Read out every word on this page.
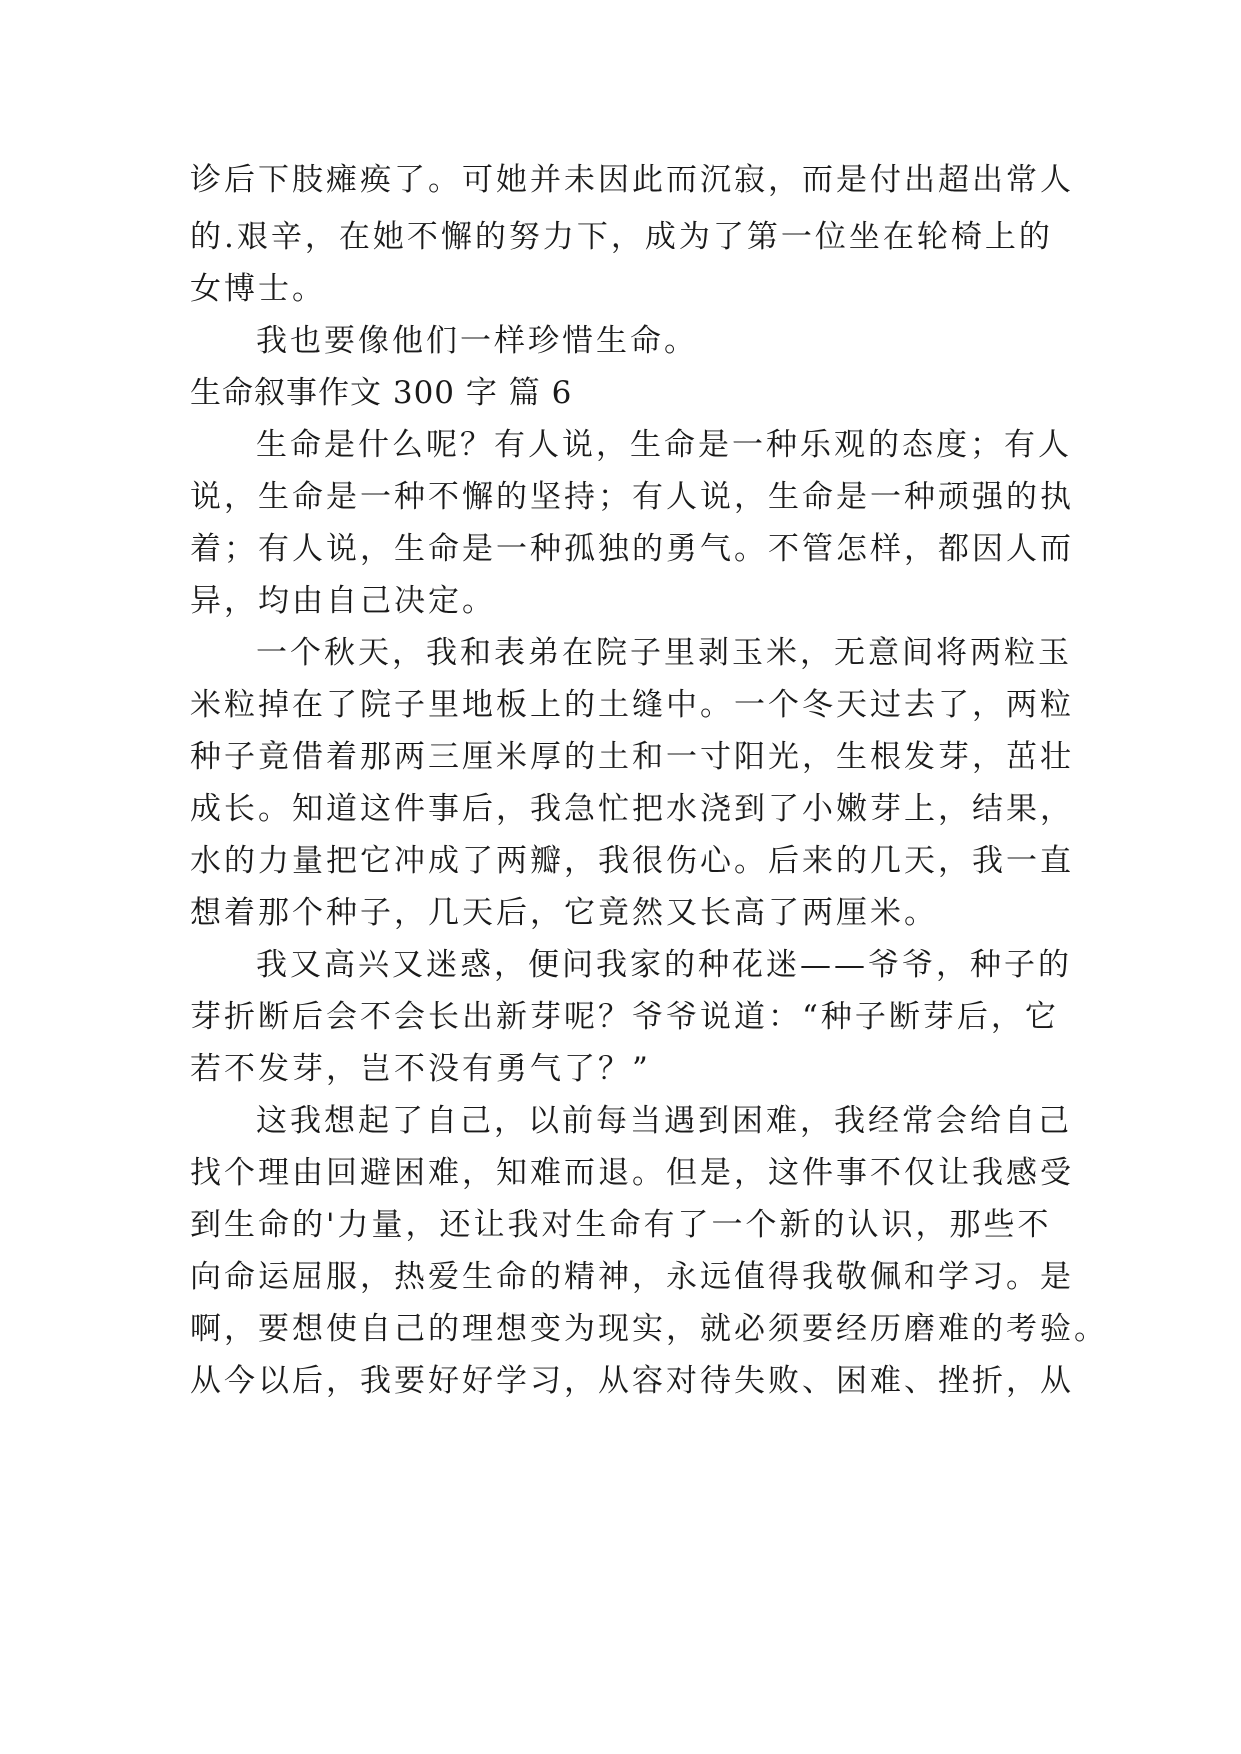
诊后下肢瘫痪了。可她并未因此而沉寂，而是付出超出常人
的.艰辛，在她不懈的努力下，成为了第一位坐在轮椅上的
女博士。
我也要像他们一样珍惜生命。
生命叙事作文 300 字 篇 6
生命是什么呢？有人说，生命是一种乐观的态度；有人
说，生命是一种不懈的坚持；有人说，生命是一种顽强的执
着；有人说，生命是一种孤独的勇气。不管怎样，都因人而
异，均由自己决定。
一个秋天，我和表弟在院子里剥玉米，无意间将两粒玉
米粒掉在了院子里地板上的土缝中。一个冬天过去了，两粒
种子竟借着那两三厘米厚的土和一寸阳光，生根发芽，茁壮
成长。知道这件事后，我急忙把水浇到了小嫩芽上，结果，
水的力量把它冲成了两瓣，我很伤心。后来的几天，我一直
想着那个种子，几天后，它竟然又长高了两厘米。
我又高兴又迷惑，便问我家的种花迷——爷爷，种子的
芽折断后会不会长出新芽呢？爷爷说道：“种子断芽后，它
若不发芽，岂不没有勇气了？”
这我想起了自己，以前每当遇到困难，我经常会给自己
找个理由回避困难，知难而退。但是，这件事不仅让我感受
到生命的'力量，还让我对生命有了一个新的认识，那些不
向命运屈服，热爱生命的精神，永远值得我敬佩和学习。是
啊，要想使自己的理想变为现实，就必须要经历磨难的考验。
从今以后，我要好好学习，从容对待失败、困难、挫折，从
